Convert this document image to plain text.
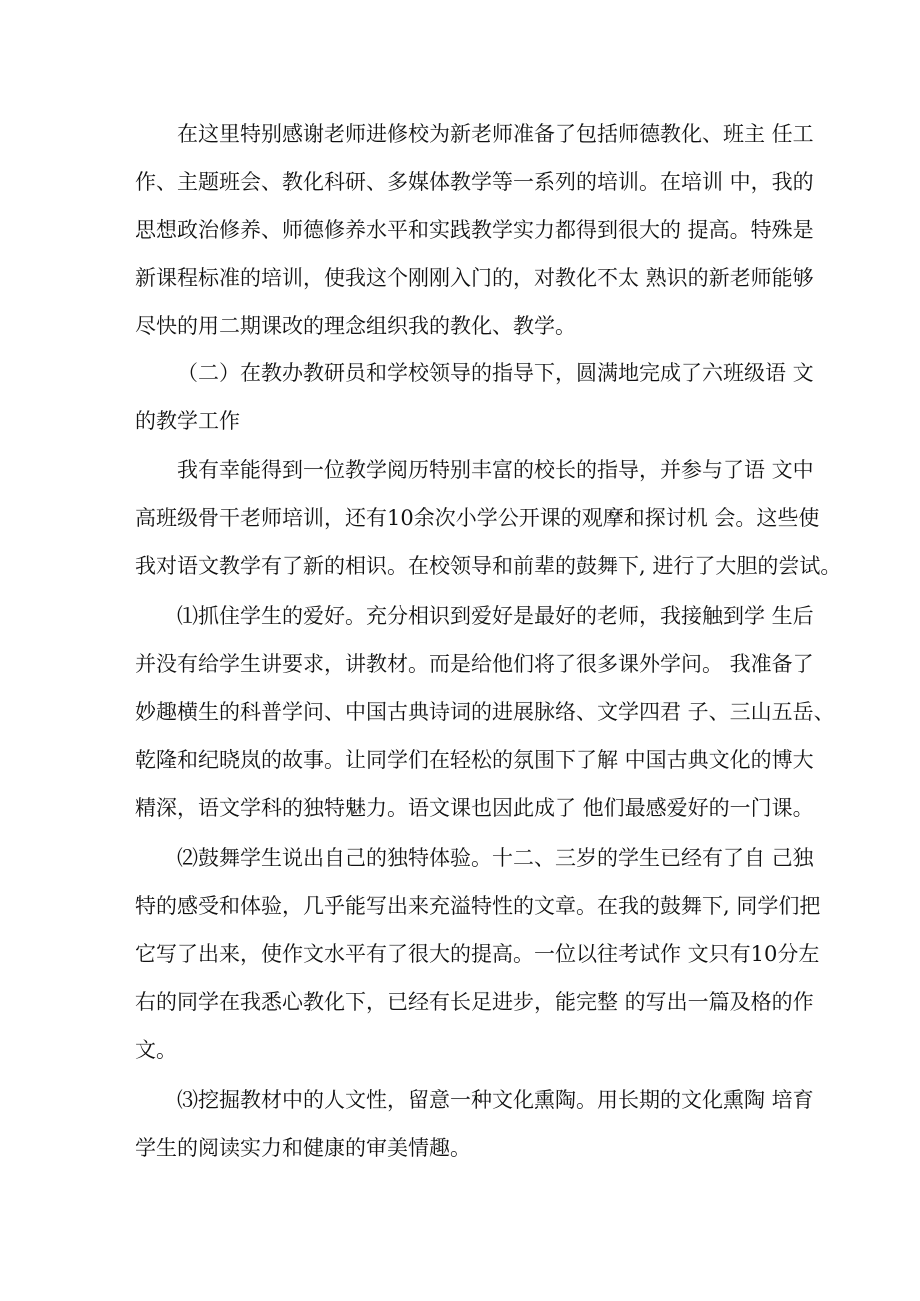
在这里特别感谢老师进修校为新老师准备了包括师德教化、班主 任工
作、主题班会、教化科研、多媒体教学等一系列的培训。在培训 中，我的
思想政治修养、师德修养水平和实践教学实力都得到很大的 提高。特殊是
新课程标准的培训，使我这个刚刚入门的，对教化不太 熟识的新老师能够
尽快的用二期课改的理念组织我的教化、教学。
（二）在教办教研员和学校领导的指导下，圆满地完成了六班级语 文
的教学工作
我有幸能得到一位教学阅历特别丰富的校长的指导，并参与了语 文中
高班级骨干老师培训，还有10余次小学公开课的观摩和探讨机 会。这些使
我对语文教学有了新的相识。在校领导和前辈的鼓舞下, 进行了大胆的尝试。
⑴抓住学生的爱好。充分相识到爱好是最好的老师，我接触到学 生后
并没有给学生讲要求，讲教材。而是给他们将了很多课外学问。 我准备了
妙趣横生的科普学问、中国古典诗词的进展脉络、文学四君 子、三山五岳、
乾隆和纪晓岚的故事。让同学们在轻松的氛围下了解 中国古典文化的博大
精深，语文学科的独特魅力。语文课也因此成了 他们最感爱好的一门课。
⑵鼓舞学生说出自己的独特体验。十二、三岁的学生已经有了自 己独
特的感受和体验，几乎能写出来充溢特性的文章。在我的鼓舞下, 同学们把
它写了出来，使作文水平有了很大的提高。一位以往考试作 文只有10分左
右的同学在我悉心教化下，已经有长足进步，能完整 的写出一篇及格的作
文。
⑶挖掘教材中的人文性，留意一种文化熏陶。用长期的文化熏陶 培育
学生的阅读实力和健康的审美情趣。
